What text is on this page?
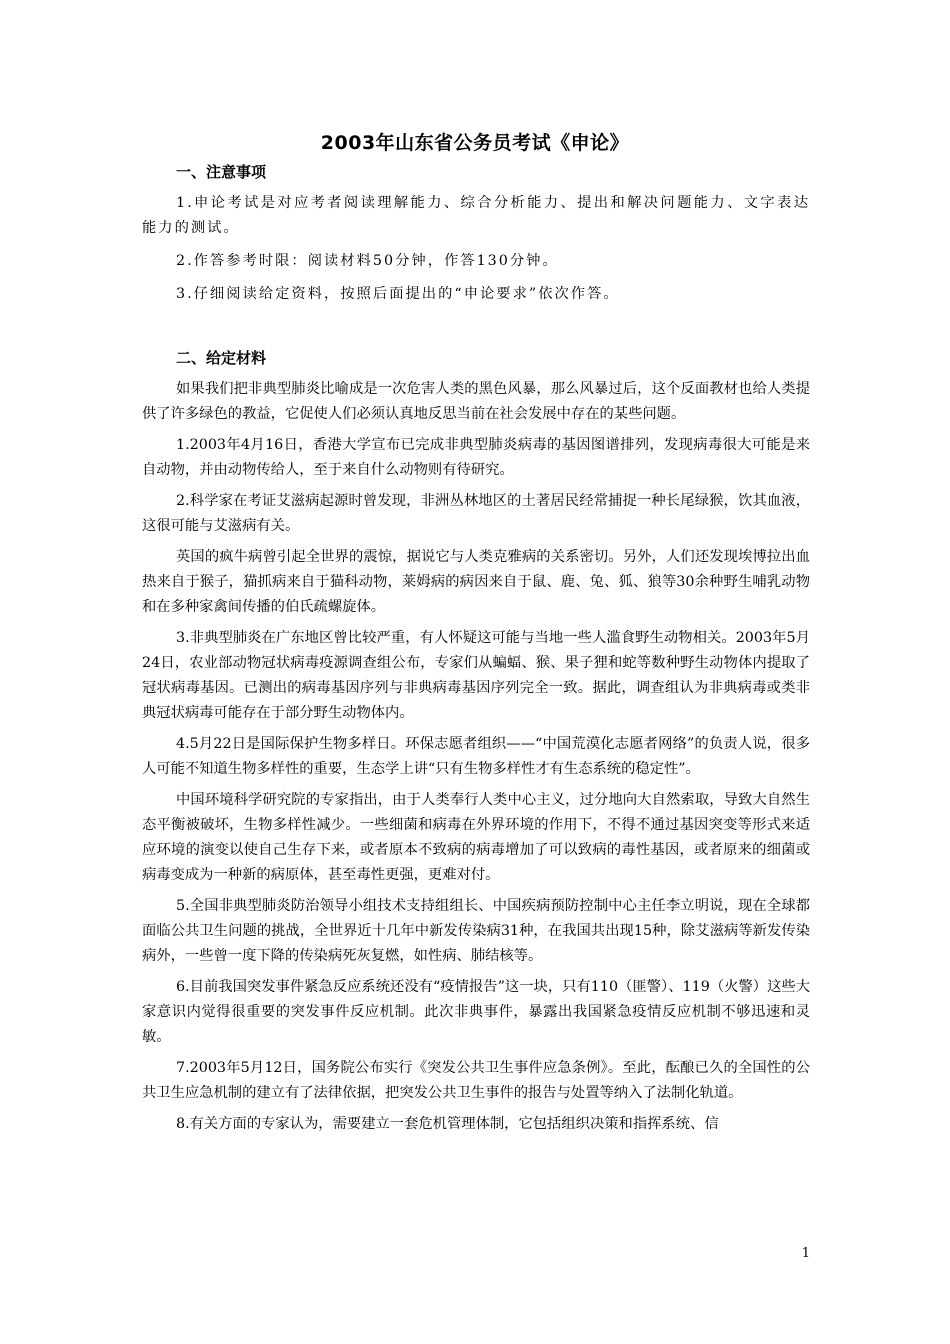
2003年山东省公务员考试《申论》
一、注意事项

1.申论考试是对应考者阅读理解能力、综合分析能力、提出和解决问题能力、文字表达能力的测试。

2.作答参考时限：阅读材料50分钟，作答130分钟。

3.仔细阅读给定资料，按照后面提出的“申论要求”依次作答。

二、给定材料

如果我们把非典型肺炎比喻成是一次危害人类的黑色风暴，那么风暴过后，这个反面教材也给人类提供了许多绿色的教益，它促使人们必须认真地反思当前在社会发展中存在的某些问题。

1.2003年4月16日，香港大学宣布已完成非典型肺炎病毒的基因图谱排列，发现病毒很大可能是来自动物，并由动物传给人，至于来自什么动物则有待研究。

2.科学家在考证艾滋病起源时曾发现，非洲丛林地区的土著居民经常捕捉一种长尾绿猴，饮其血液，这很可能与艾滋病有关。

英国的疯牛病曾引起全世界的震惊，据说它与人类克雅病的关系密切。另外，人们还发现埃博拉出血热来自于猴子，猫抓病来自于猫科动物，莱姆病的病因来自于鼠、鹿、兔、狐、狼等30余种野生哺乳动物和在多种家禽间传播的伯氏疏螺旋体。

3.非典型肺炎在广东地区曾比较严重，有人怀疑这可能与当地一些人滥食野生动物相关。2003年5月24日，农业部动物冠状病毒疫源调查组公布，专家们从蝙蝠、猴、果子狸和蛇等数种野生动物体内提取了冠状病毒基因。已测出的病毒基因序列与非典病毒基因序列完全一致。据此，调查组认为非典病毒或类非典冠状病毒可能存在于部分野生动物体内。

4.5月22日是国际保护生物多样日。环保志愿者组织——“中国荒漠化志愿者网络”的负责人说，很多人可能不知道生物多样性的重要，生态学上讲“只有生物多样性才有生态系统的稳定性”。

中国环境科学研究院的专家指出，由于人类奉行人类中心主义，过分地向大自然索取，导致大自然生态平衡被破坏，生物多样性减少。一些细菌和病毒在外界环境的作用下，不得不通过基因突变等形式来适应环境的演变以使自己生存下来，或者原本不致病的病毒增加了可以致病的毒性基因，或者原来的细菌或病毒变成为一种新的病原体，甚至毒性更强，更难对付。

5.全国非典型肺炎防治领导小组技术支持组组长、中国疾病预防控制中心主任李立明说，现在全球都面临公共卫生问题的挑战，全世界近十几年中新发传染病31种，在我国共出现15种，除艾滋病等新发传染病外，一些曾一度下降的传染病死灰复燃，如性病、肺结核等。

6.目前我国突发事件紧急反应系统还没有“疫情报告”这一块，只有110（匪警）、119（火警）这些大家意识内觉得很重要的突发事件反应机制。此次非典事件，暴露出我国紧急疫情反应机制不够迅速和灵敏。

7.2003年5月12日，国务院公布实行《突发公共卫生事件应急条例》。至此，酝酿已久的全国性的公共卫生应急机制的建立有了法律依据，把突发公共卫生事件的报告与处置等纳入了法制化轨道。

8.有关方面的专家认为，需要建立一套危机管理体制，它包括组织决策和指挥系统、信

1
